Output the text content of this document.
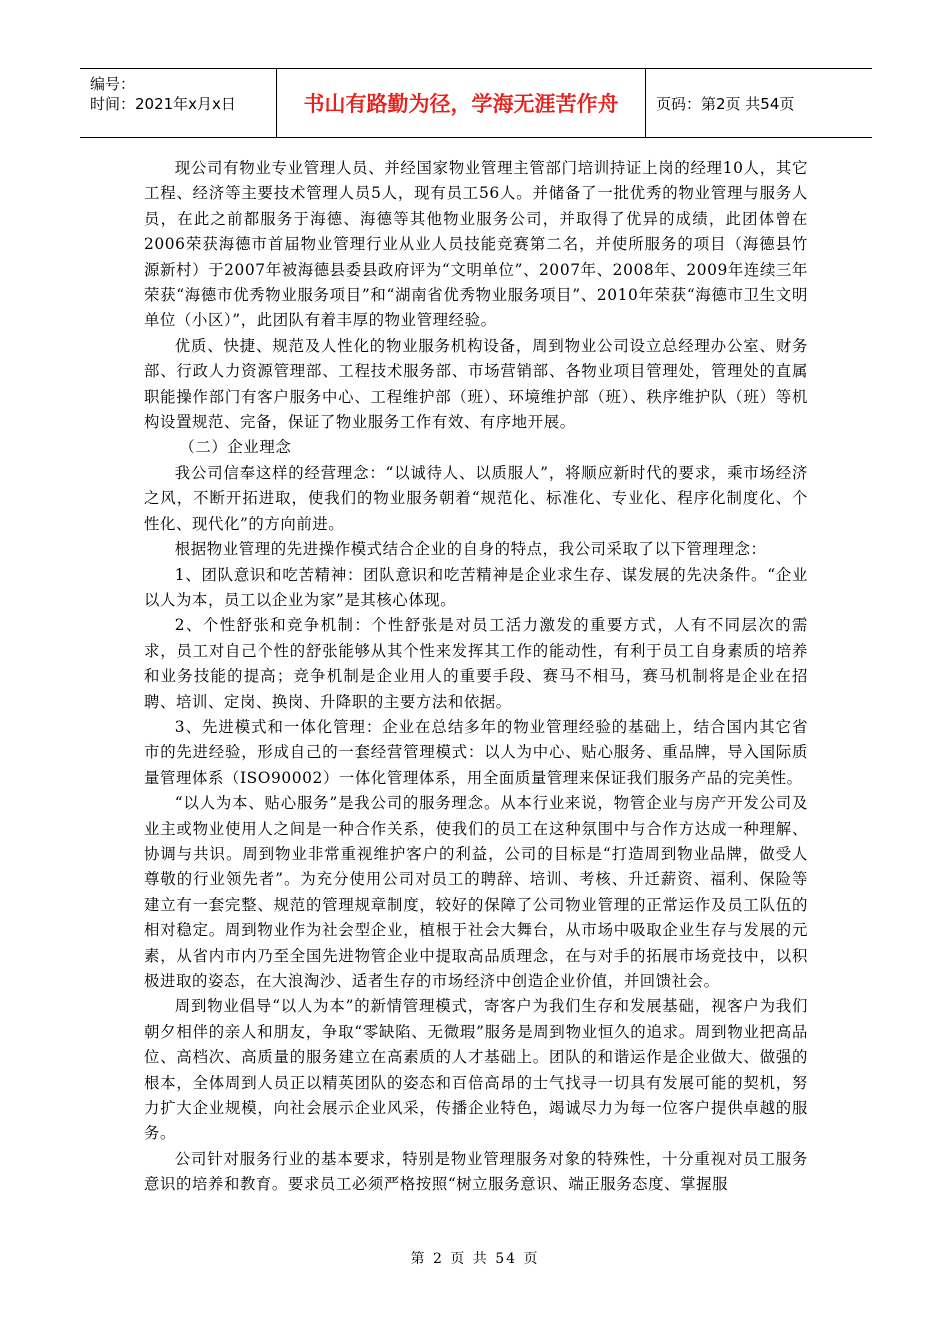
编号：
时间：2021年x月x日	书山有路勤为径，学海无涯苦作舟	页码：第2页 共54页

现公司有物业专业管理人员、并经国家物业管理主管部门培训持证上岗的经理10人，其它工程、经济等主要技术管理人员5人，现有员工56人。并储备了一批优秀的物业管理与服务人员，在此之前都服务于海德、海德等其他物业服务公司，并取得了优异的成绩，此团体曾在2006荣获海德市首届物业管理行业从业人员技能竞赛第二名，并使所服务的项目（海德县竹源新村）于2007年被海德县委县政府评为“文明单位”、2007年、2008年、2009年连续三年荣获“海德市优秀物业服务项目”和“湖南省优秀物业服务项目”、2010年荣获“海德市卫生文明单位（小区）”，此团队有着丰厚的物业管理经验。

优质、快捷、规范及人性化的物业服务机构设备，周到物业公司设立总经理办公室、财务部、行政人力资源管理部、工程技术服务部、市场营销部、各物业项目管理处，管理处的直属职能操作部门有客户服务中心、工程维护部（班）、环境维护部（班）、秩序维护队（班）等机构设置规范、完备，保证了物业服务工作有效、有序地开展。

（二）企业理念

我公司信奉这样的经营理念：“以诚待人、以质服人”，将顺应新时代的要求，乘市场经济之风，不断开拓进取，使我们的物业服务朝着“规范化、标准化、专业化、程序化制度化、个性化、现代化”的方向前进。

根据物业管理的先进操作模式结合企业的自身的特点，我公司采取了以下管理理念：

1、团队意识和吃苦精神：团队意识和吃苦精神是企业求生存、谋发展的先决条件。“企业以人为本，员工以企业为家”是其核心体现。

2、个性舒张和竞争机制：个性舒张是对员工活力激发的重要方式，人有不同层次的需求，员工对自己个性的舒张能够从其个性来发挥其工作的能动性，有利于员工自身素质的培养和业务技能的提高；竞争机制是企业用人的重要手段、赛马不相马，赛马机制将是企业在招聘、培训、定岗、换岗、升降职的主要方法和依据。

3、先进模式和一体化管理：企业在总结多年的物业管理经验的基础上，结合国内其它省市的先进经验，形成自己的一套经营管理模式：以人为中心、贴心服务、重品牌，导入国际质量管理体系（ISO90002）一体化管理体系，用全面质量管理来保证我们服务产品的完美性。

“以人为本、贴心服务”是我公司的服务理念。从本行业来说，物管企业与房产开发公司及业主或物业使用人之间是一种合作关系，使我们的员工在这种氛围中与合作方达成一种理解、协调与共识。周到物业非常重视维护客户的利益，公司的目标是“打造周到物业品牌，做受人尊敬的行业领先者”。为充分使用公司对员工的聘辞、培训、考核、升迁薪资、福利、保险等建立有一套完整、规范的管理规章制度，较好的保障了公司物业管理的正常运作及员工队伍的相对稳定。周到物业作为社会型企业，植根于社会大舞台，从市场中吸取企业生存与发展的元素，从省内市内乃至全国先进物管企业中提取高品质理念，在与对手的拓展市场竞技中，以积极进取的姿态，在大浪淘沙、适者生存的市场经济中创造企业价值，并回馈社会。

周到物业倡导“以人为本”的新情管理模式，寄客户为我们生存和发展基础，视客户为我们朝夕相伴的亲人和朋友，争取“零缺陷、无微瑕”服务是周到物业恒久的追求。周到物业把高品位、高档次、高质量的服务建立在高素质的人才基础上。团队的和谐运作是企业做大、做强的根本，全体周到人员正以精英团队的姿态和百倍高昂的士气找寻一切具有发展可能的契机，努力扩大企业规模，向社会展示企业风采，传播企业特色，竭诚尽力为每一位客户提供卓越的服务。

公司针对服务行业的基本要求，特别是物业管理服务对象的特殊性，十分重视对员工服务意识的培养和教育。要求员工必须严格按照“树立服务意识、端正服务态度、掌握服

第 2 页 共 54 页
